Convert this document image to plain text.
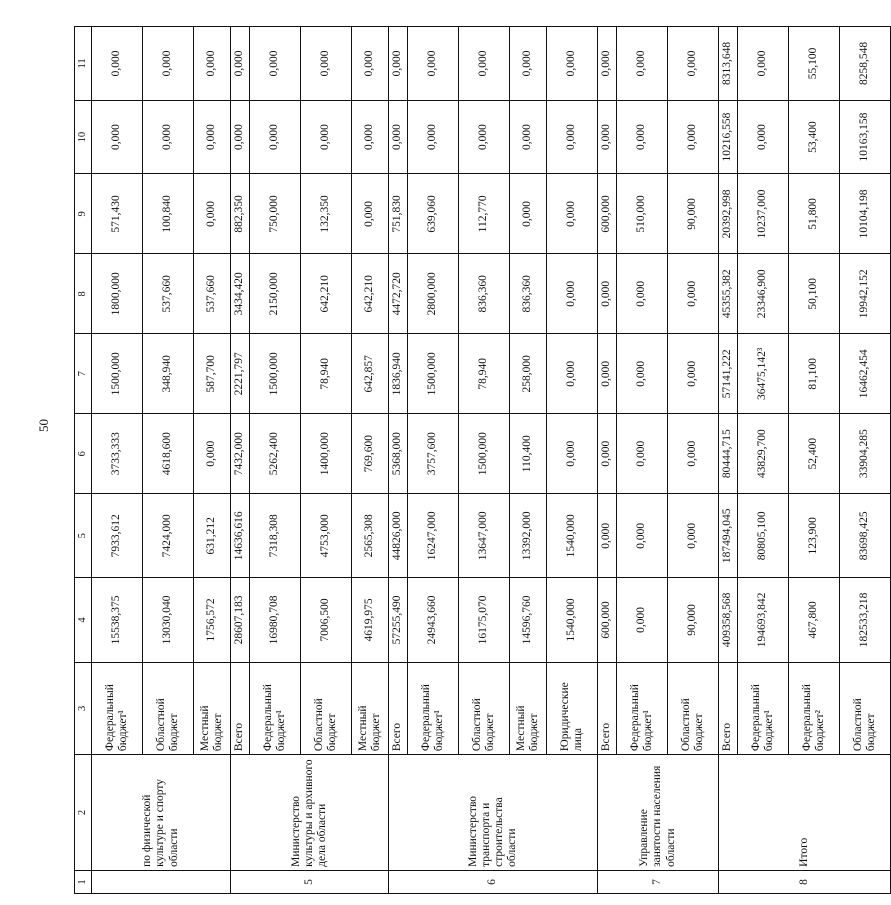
50
1	2	3	4	5	6	7	8	9	10	11
	по физической культуре и спорту области	Федеральный бюджет¹	15538,375	7933,612	3733,333	1500,000	1800,000	571,430	0,000	0,000
		Областной бюджет	13030,040	7424,000	4618,600	348,940	537,660	100,840	0,000	0,000
		Местный бюджет	1756,572	631,212	0,000	587,700	537,660	0,000	0,000	0,000
5	Министерство культуры и архивного дела области	Всего	28607,183	14636,616	7432,000	2221,797	3434,420	882,350	0,000	0,000
		Федеральный бюджет¹	16980,708	7318,308	5262,400	1500,000	2150,000	750,000	0,000	0,000
		Областной бюджет	7006,500	4753,000	1400,000	78,940	642,210	132,350	0,000	0,000
		Местный бюджет	4619,975	2565,308	769,600	642,857	642,210	0,000	0,000	0,000
6	Министерство транспорта и строительства области	Всего	57255,490	44826,000	5368,000	1836,940	4472,720	751,830	0,000	0,000
		Федеральный бюджет¹	24943,660	16247,000	3757,600	1500,000	2800,000	639,060	0,000	0,000
		Областной бюджет	16175,070	13647,000	1500,000	78,940	836,360	112,770	0,000	0,000
		Местный бюджет	14596,760	13392,000	110,400	258,000	836,360	0,000	0,000	0,000
		Юридические лица	1540,000	1540,000	0,000	0,000	0,000	0,000	0,000	0,000
7	Управление занятости населения области	Всего	600,000	0,000	0,000	0,000	0,000	600,000	0,000	0,000
		Федеральный бюджет¹	0,000	0,000	0,000	0,000	0,000	510,000	0,000	0,000
		Областной бюджет	90,000	0,000	0,000	0,000	0,000	90,000	0,000	0,000
8	Итого	Всего	409358,568	187494,045	80444,715	57141,222	45355,382	20392,998	10216,558	8313,648
		Федеральный бюджет¹	194693,842	80805,100	43829,700	36475,142³	23346,900	10237,000	0,000	0,000
		Федеральный бюджет²	467,800	123,900	52,400	81,100	50,100	51,800	53,400	55,100
		Областной бюджет	182533,218	83698,425	33904,285	16462,454	19942,152	10104,198	10163,158	8258,548
